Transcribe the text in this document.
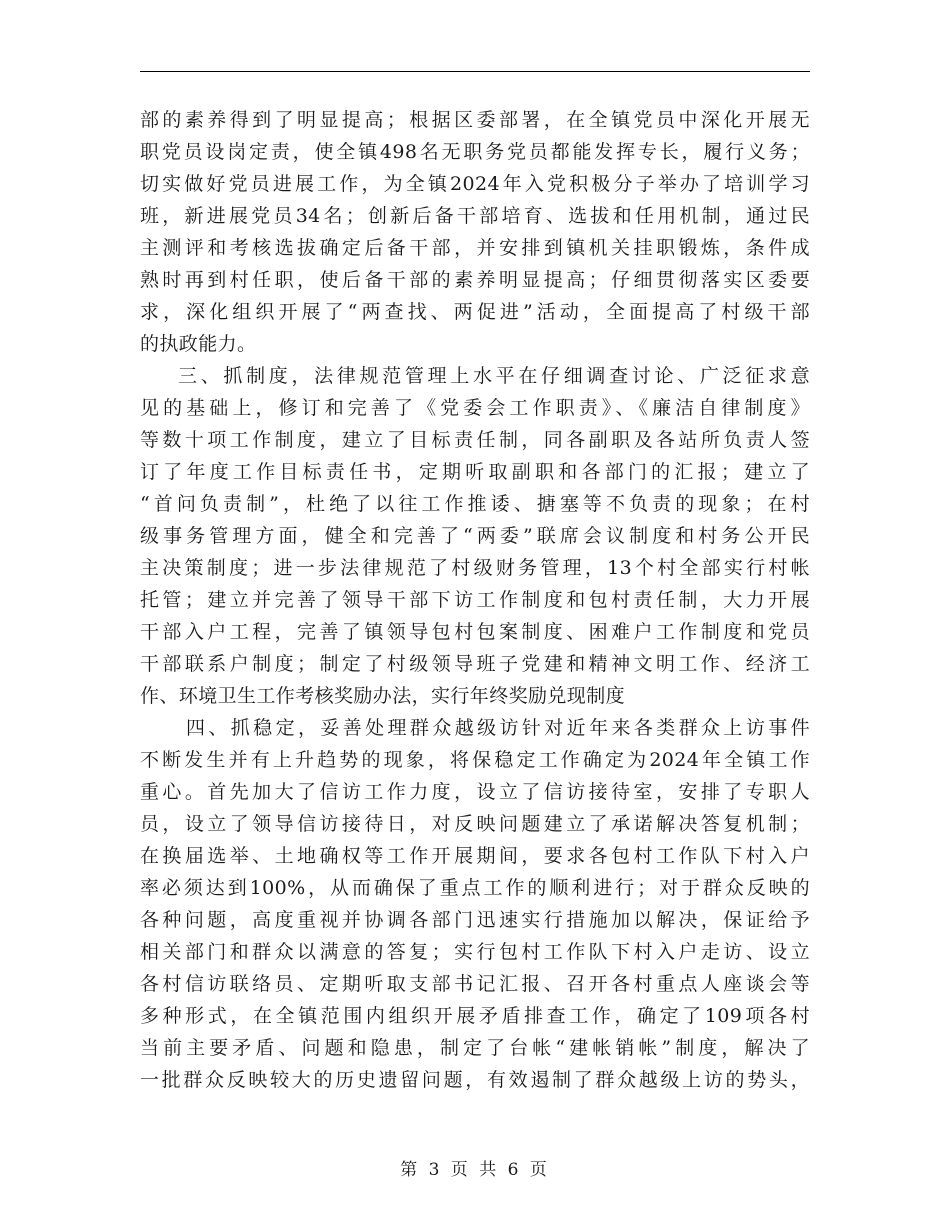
部的素养得到了明显提高；根据区委部署，在全镇党员中深化开展无
职党员设岗定责，使全镇498名无职务党员都能发挥专长，履行义务；
切实做好党员进展工作，为全镇2024年入党积极分子举办了培训学习
班，新进展党员34名；创新后备干部培育、选拔和任用机制，通过民
主测评和考核选拔确定后备干部，并安排到镇机关挂职锻炼，条件成
熟时再到村任职，使后备干部的素养明显提高；仔细贯彻落实区委要
求，深化组织开展了“两查找、两促进”活动，全面提高了村级干部
的执政能力。
三、抓制度，法律规范管理上水平在仔细调查讨论、广泛征求意
见的基础上，修订和完善了《党委会工作职责》、《廉洁自律制度》
等数十项工作制度，建立了目标责任制，同各副职及各站所负责人签
订了年度工作目标责任书，定期听取副职和各部门的汇报；建立了
“首问负责制”，杜绝了以往工作推诿、搪塞等不负责的现象；在村
级事务管理方面，健全和完善了“两委”联席会议制度和村务公开民
主决策制度；进一步法律规范了村级财务管理，13个村全部实行村帐
托管；建立并完善了领导干部下访工作制度和包村责任制，大力开展
干部入户工程，完善了镇领导包村包案制度、困难户工作制度和党员
干部联系户制度；制定了村级领导班子党建和精神文明工作、经济工
作、环境卫生工作考核奖励办法，实行年终奖励兑现制度
四、抓稳定，妥善处理群众越级访针对近年来各类群众上访事件
不断发生并有上升趋势的现象，将保稳定工作确定为2024年全镇工作
重心。首先加大了信访工作力度，设立了信访接待室，安排了专职人
员，设立了领导信访接待日，对反映问题建立了承诺解决答复机制；
在换届选举、土地确权等工作开展期间，要求各包村工作队下村入户
率必须达到100%，从而确保了重点工作的顺利进行；对于群众反映的
各种问题，高度重视并协调各部门迅速实行措施加以解决，保证给予
相关部门和群众以满意的答复；实行包村工作队下村入户走访、设立
各村信访联络员、定期听取支部书记汇报、召开各村重点人座谈会等
多种形式，在全镇范围内组织开展矛盾排查工作，确定了109项各村
当前主要矛盾、问题和隐患，制定了台帐“建帐销帐”制度，解决了
一批群众反映较大的历史遗留问题，有效遏制了群众越级上访的势头，
第 3 页 共 6 页
